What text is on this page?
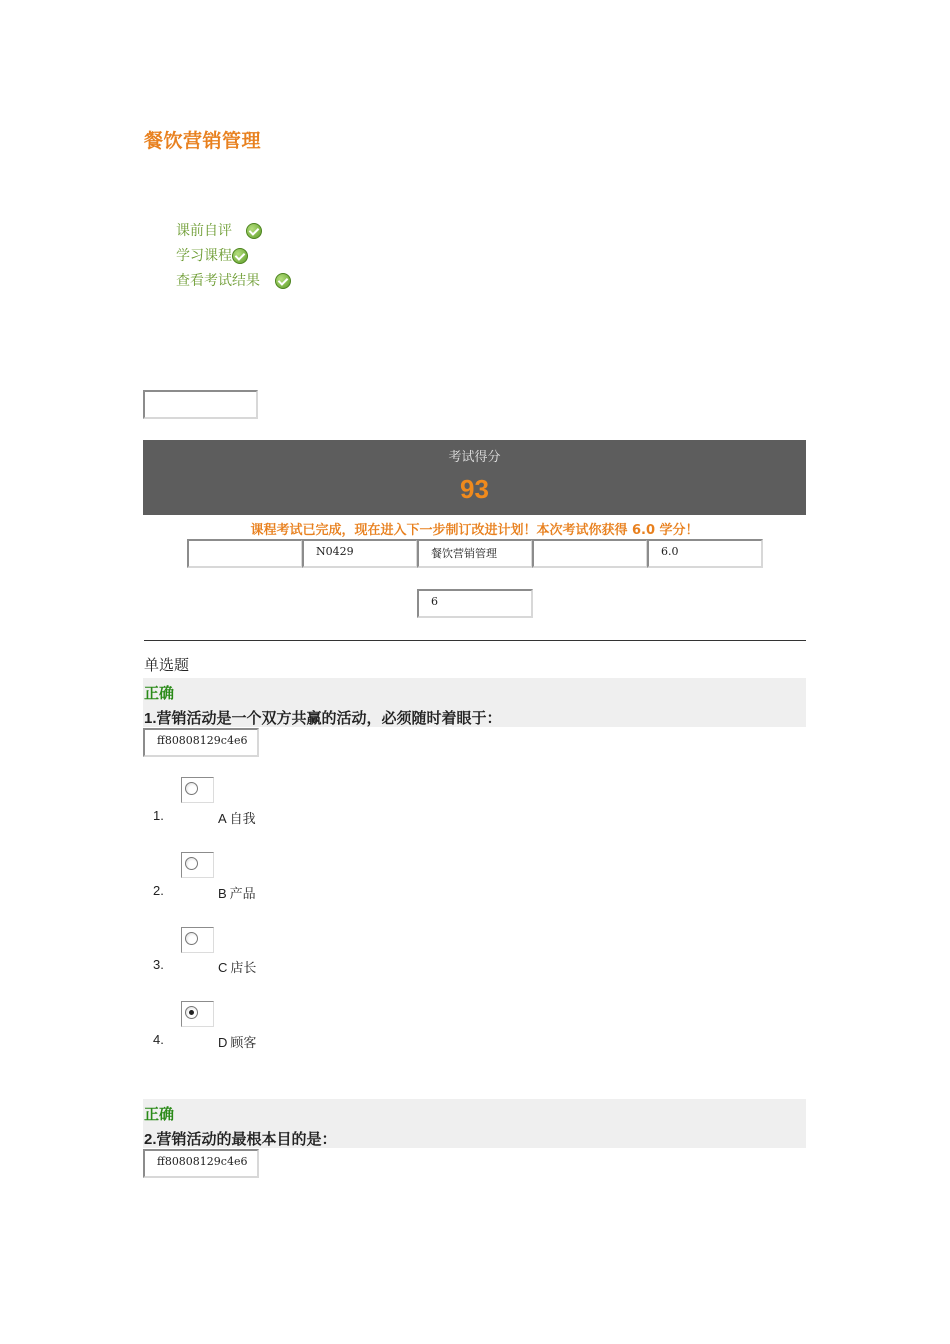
餐饮营销管理
课前自评
学习课程
查看考试结果
考试得分
93
课程考试已完成，现在进入下一步制订改进计划！本次考试你获得 6.0 学分！
N0429	餐饮营销管理	6.0
6
单选题
正确
1.营销活动是一个双方共赢的活动，必须随时着眼于：
ff80808129c4e6
1.	A 自我
2.	B 产品
3.	C 店长
4.	D 顾客
正确
2.营销活动的最根本目的是：
ff80808129c4e6
